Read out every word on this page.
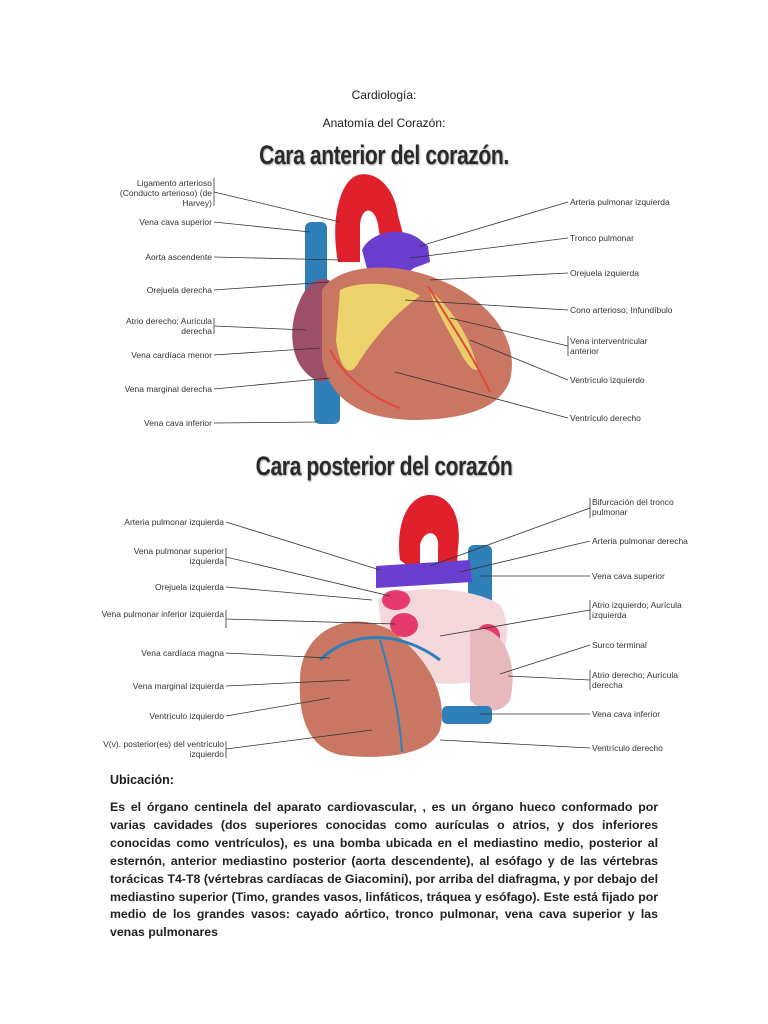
Cardiología:
Anatomía del Corazón:
Cara anterior del corazón.
Ligamento arterioso (Conducto arterioso) (de Harvey)
Vena cava superior
Aorta ascendente
Orejuela derecha
Atrio derecho; Aurícula derecha
Vena cardíaca menor
Vena marginal derecha
Vena cava inferior
Arteria pulmonar izquierda
Tronco pulmonar
Orejuela izquierda
Cono arterioso; Infundíbulo
Vena interventricular anterior
Ventrículo izquierdo
Ventrículo derecho
Cara posterior del corazón
Arteria pulmonar izquierda
Vena pulmonar superior izquierda
Orejuela izquierda
Vena pulmonar inferior izquierda
Vena cardíaca magna
Vena marginal izquierda
Ventrículo izquierdo
V(v). posterior(es) del ventrículo izquierdo
Bifurcación del tronco pulmonar
Arteria pulmonar derecha
Vena cava superior
Atrio izquierdo; Aurícula izquierda
Surco terminal
Atrio derecho; Aurícula derecha
Vena cava inferior
Ventrículo derecho
Ubicación:
Es el órgano centinela del aparato cardiovascular, , es un órgano hueco conformado por varias cavidades (dos superiores conocidas como aurículas o atrios, y dos inferiores conocidas como ventrículos), es una bomba ubicada en el mediastino medio, posterior al esternón, anterior mediastino posterior (aorta descendente), al esófago y de las vértebras torácicas T4-T8 (vértebras cardíacas de Giacomini), por arriba del diafragma, y por debajo del mediastino superior (Timo, grandes vasos, linfáticos, tráquea y esófago). Este está fijado por medio de los grandes vasos: cayado aórtico, tronco pulmonar, vena cava superior y las venas pulmonares
